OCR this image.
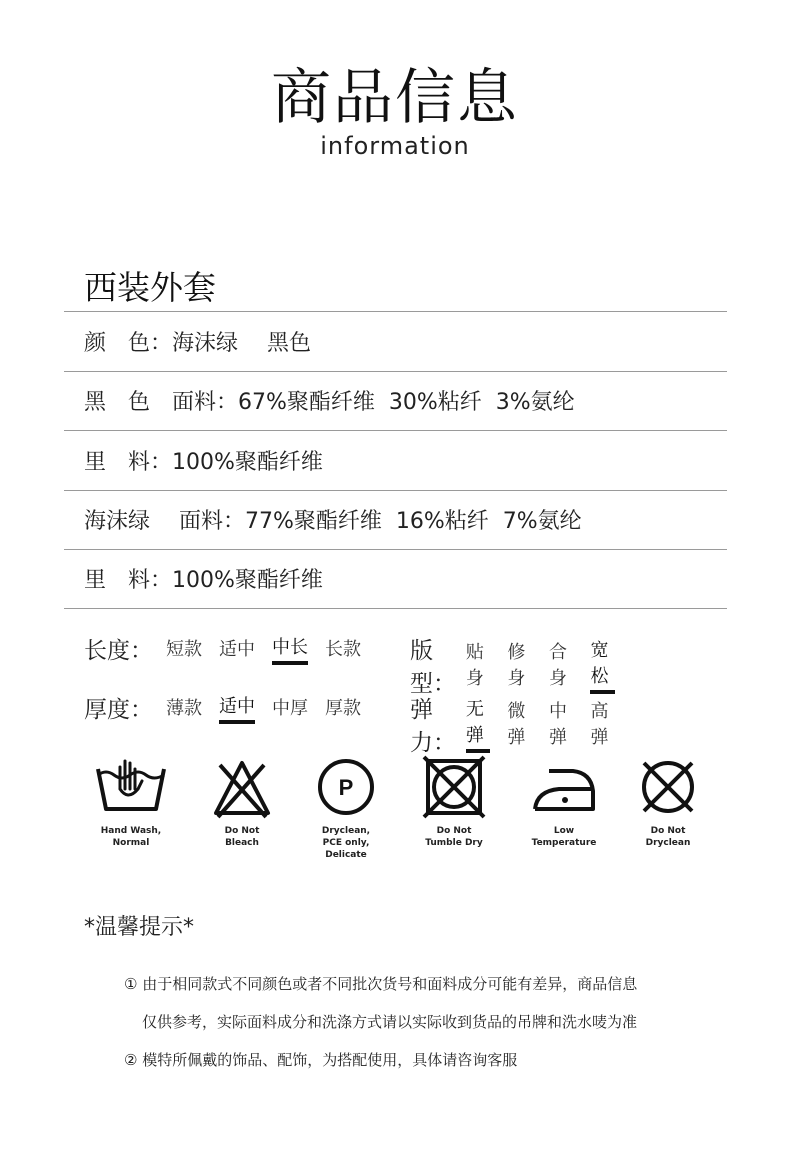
商品信息
information
西装外套
颜　色：海沫绿　 黑色
黑　色　面料：67%聚酯纤维  30%粘纤  3%氨纶
里　料：100%聚酯纤维
海沫绿　 面料：77%聚酯纤维  16%粘纤  7%氨纶
里　料：100%聚酯纤维
长度： 短款 适中 中长 长款 版型：
贴身
修身
合身
宽松
厚度： 薄款 适中 中厚 厚款 弹力：
无弹
微弹
中弹
高弹
Hand Wash,
Normal
Do Not
Bleach
P
Dryclean,
PCE only,
Delicate
Do Not
Tumble Dry
Low
Temperature
Do Not
Dryclean
*温馨提示*
① 由于相同款式不同颜色或者不同批次货号和面料成分可能有差异，商品信息
仅供参考，实际面料成分和洗涤方式请以实际收到货品的吊牌和洗水唛为准
② 模特所佩戴的饰品、配饰，为搭配使用，具体请咨询客服
